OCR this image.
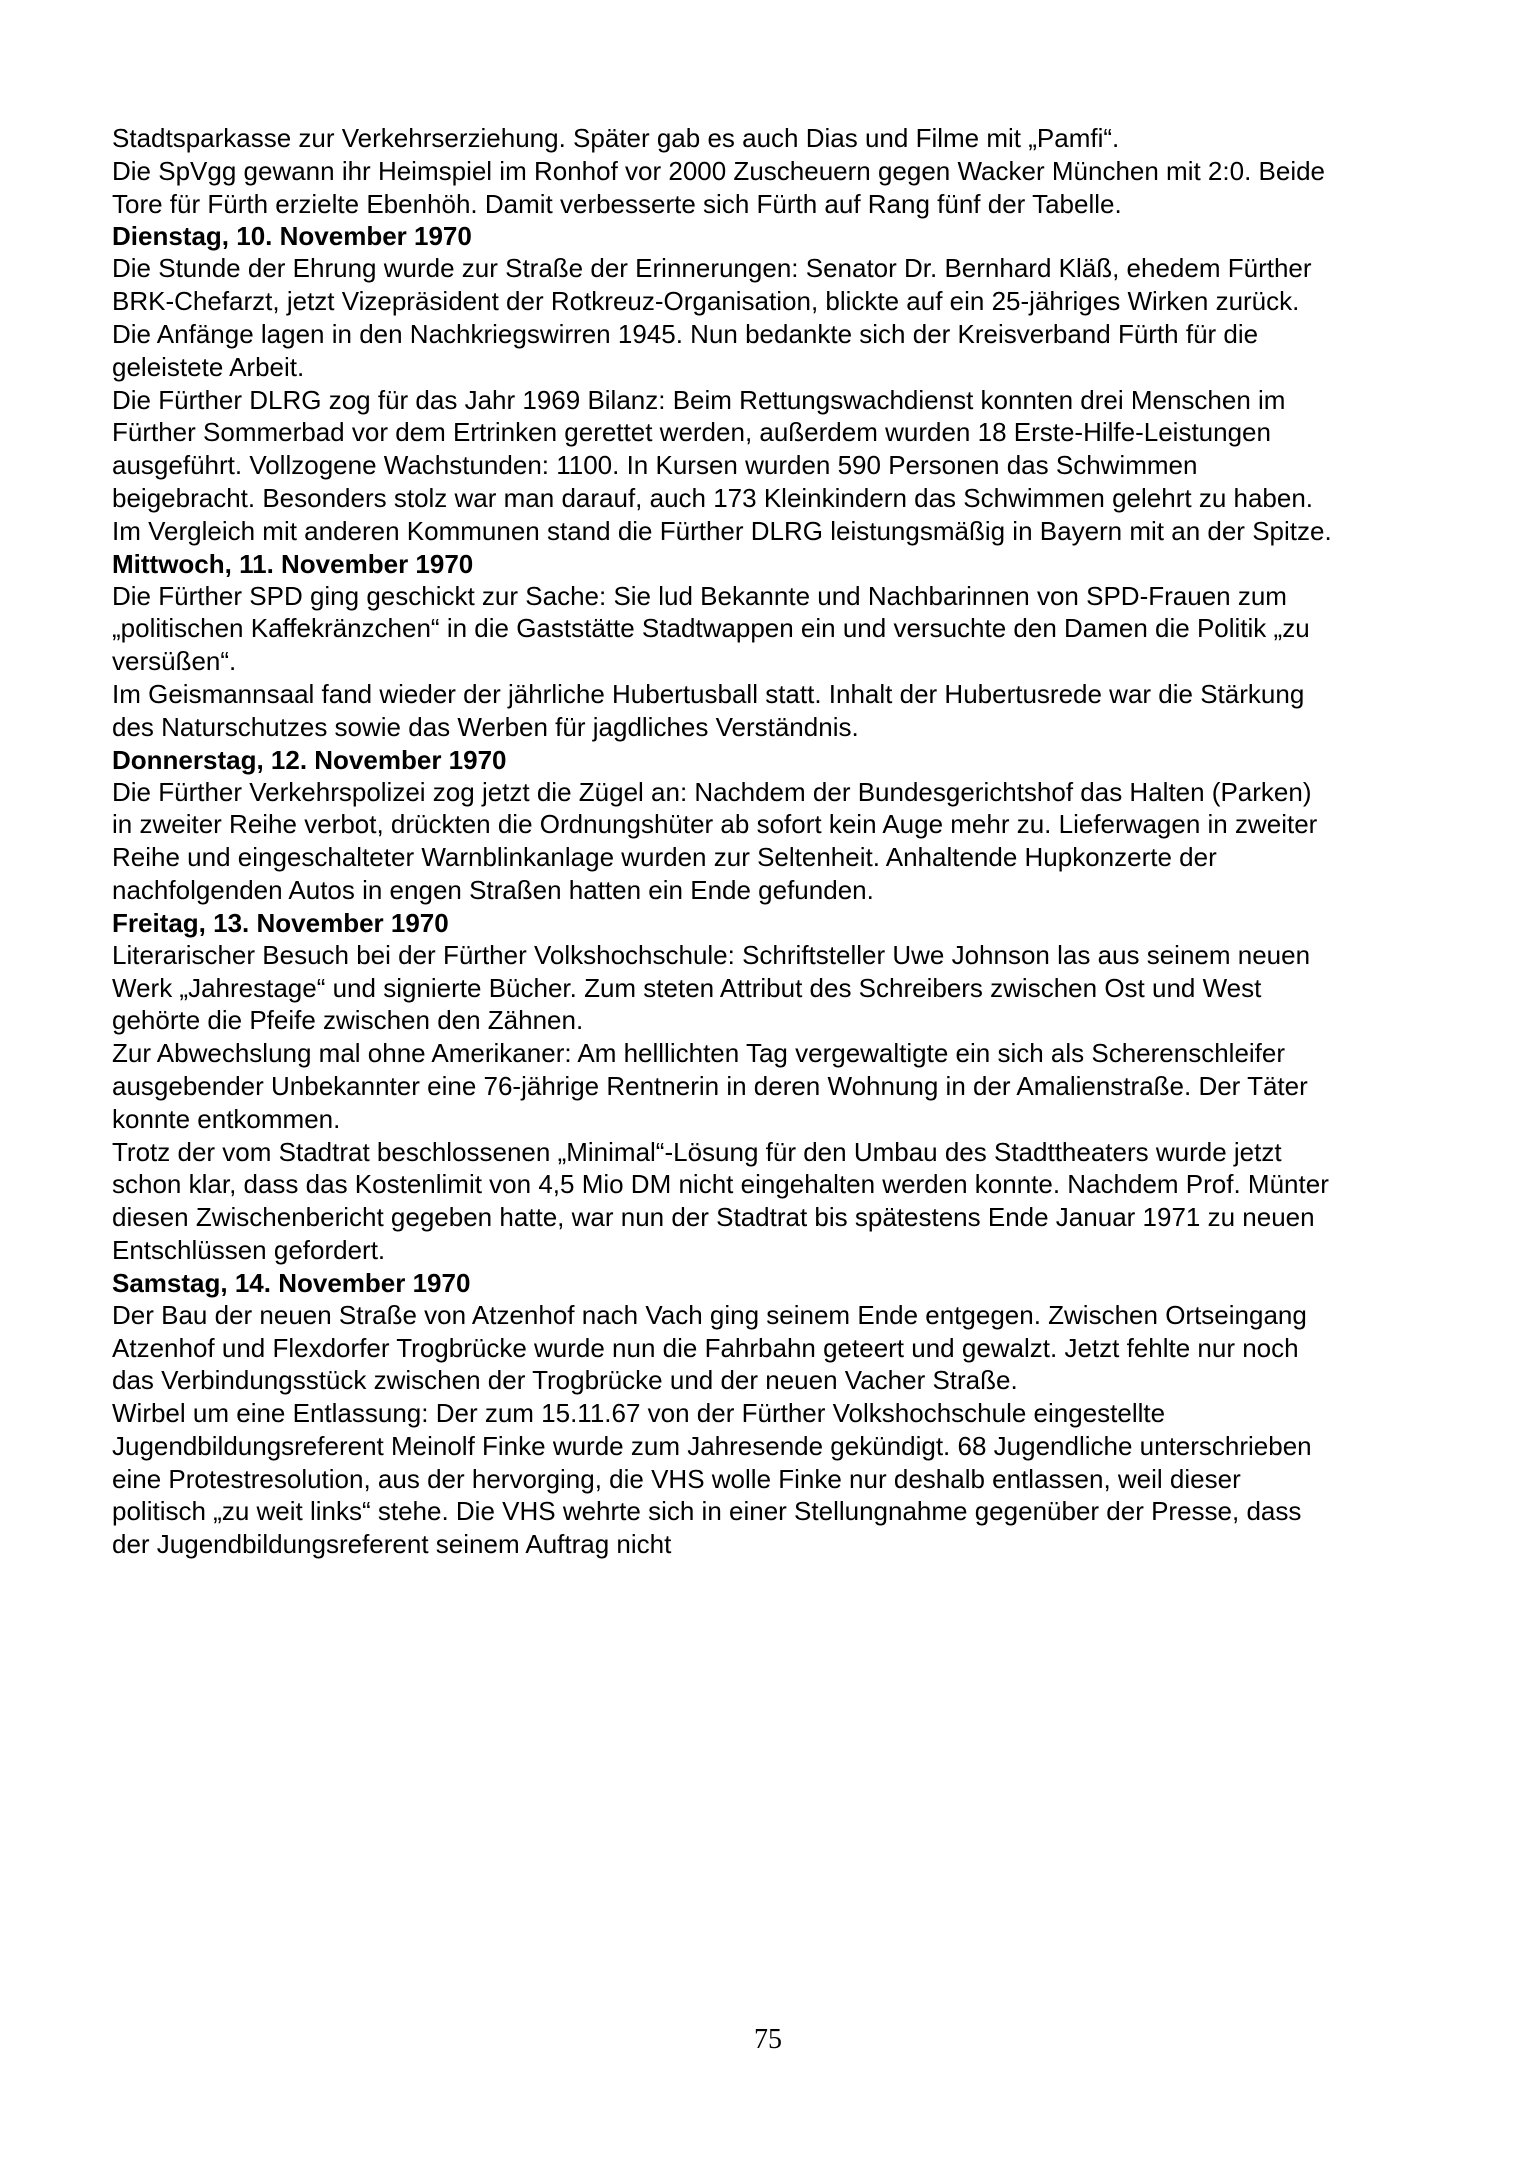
Stadtsparkasse zur Verkehrserziehung. Später gab es auch Dias und Filme mit „Pamfi“.

Die SpVgg gewann ihr Heimspiel im Ronhof vor 2000 Zuscheuern gegen Wacker München mit 2:0. Beide Tore für Fürth erzielte Ebenhöh. Damit verbesserte sich Fürth auf Rang fünf der Tabelle.

Dienstag, 10. November 1970

Die Stunde der Ehrung wurde zur Straße der Erinnerungen: Senator Dr. Bernhard Kläß, ehedem Fürther BRK-Chefarzt, jetzt Vizepräsident der Rotkreuz-Organisation, blickte auf ein 25-jähriges Wirken zurück. Die Anfänge lagen in den Nachkriegswirren 1945. Nun bedankte sich der Kreisverband Fürth für die geleistete Arbeit.

Die Fürther DLRG zog für das Jahr 1969 Bilanz: Beim Rettungswachdienst konnten drei Menschen im Fürther Sommerbad vor dem Ertrinken gerettet werden, außerdem wurden 18 Erste-Hilfe-Leistungen ausgeführt. Vollzogene Wachstunden: 1100. In Kursen wurden 590 Personen das Schwimmen beigebracht. Besonders stolz war man darauf, auch 173 Kleinkindern das Schwimmen gelehrt zu haben. Im Vergleich mit anderen Kommunen stand die Fürther DLRG leistungsmäßig in Bayern mit an der Spitze.

Mittwoch, 11. November 1970

Die Fürther SPD ging geschickt zur Sache: Sie lud Bekannte und Nachbarinnen von SPD-Frauen zum „politischen Kaffekränzchen“ in die Gaststätte Stadtwappen ein und versuchte den Damen die Politik „zu versüßen“.

Im Geismannsaal fand wieder der jährliche Hubertusball statt. Inhalt der Hubertusrede war die Stärkung des Naturschutzes sowie das Werben für jagdliches Verständnis.

Donnerstag, 12. November 1970

Die Fürther Verkehrspolizei zog jetzt die Zügel an: Nachdem der Bundesgerichtshof das Halten (Parken) in zweiter Reihe verbot, drückten die Ordnungshüter ab sofort kein Auge mehr zu. Lieferwagen in zweiter Reihe und eingeschalteter Warnblinkanlage wurden zur Seltenheit. Anhaltende Hupkonzerte der nachfolgenden Autos in engen Straßen hatten ein Ende gefunden.

Freitag, 13. November 1970

Literarischer Besuch bei der Fürther Volkshochschule: Schriftsteller Uwe Johnson las aus seinem neuen Werk „Jahrestage“ und signierte Bücher. Zum steten Attribut des Schreibers zwischen Ost und West gehörte die Pfeife zwischen den Zähnen.

Zur Abwechslung mal ohne Amerikaner: Am helllichten Tag vergewaltigte ein sich als Scherenschleifer ausgebender Unbekannter eine 76-jährige Rentnerin in deren Wohnung in der Amalienstraße. Der Täter konnte entkommen.

Trotz der vom Stadtrat beschlossenen „Minimal“-Lösung für den Umbau des Stadttheaters wurde jetzt schon klar, dass das Kostenlimit von 4,5 Mio DM nicht eingehalten werden konnte. Nachdem Prof. Münter diesen Zwischenbericht gegeben hatte, war nun der Stadtrat bis spätestens Ende Januar 1971 zu neuen Entschlüssen gefordert.

Samstag, 14. November 1970

Der Bau der neuen Straße von Atzenhof nach Vach ging seinem Ende entgegen. Zwischen Ortseingang Atzenhof und Flexdorfer Trogbrücke wurde nun die Fahrbahn geteert und gewalzt. Jetzt fehlte nur noch das Verbindungsstück zwischen der Trogbrücke und der neuen Vacher Straße.

Wirbel um eine Entlassung: Der zum 15.11.67 von der Fürther Volkshochschule eingestellte Jugendbildungsreferent Meinolf Finke wurde zum Jahresende gekündigt. 68 Jugendliche unterschrieben eine Protestresolution, aus der hervorging, die VHS wolle Finke nur deshalb entlassen, weil dieser politisch „zu weit links“ stehe. Die VHS wehrte sich in einer Stellungnahme gegenüber der Presse, dass der Jugendbildungsreferent seinem Auftrag nicht

75
